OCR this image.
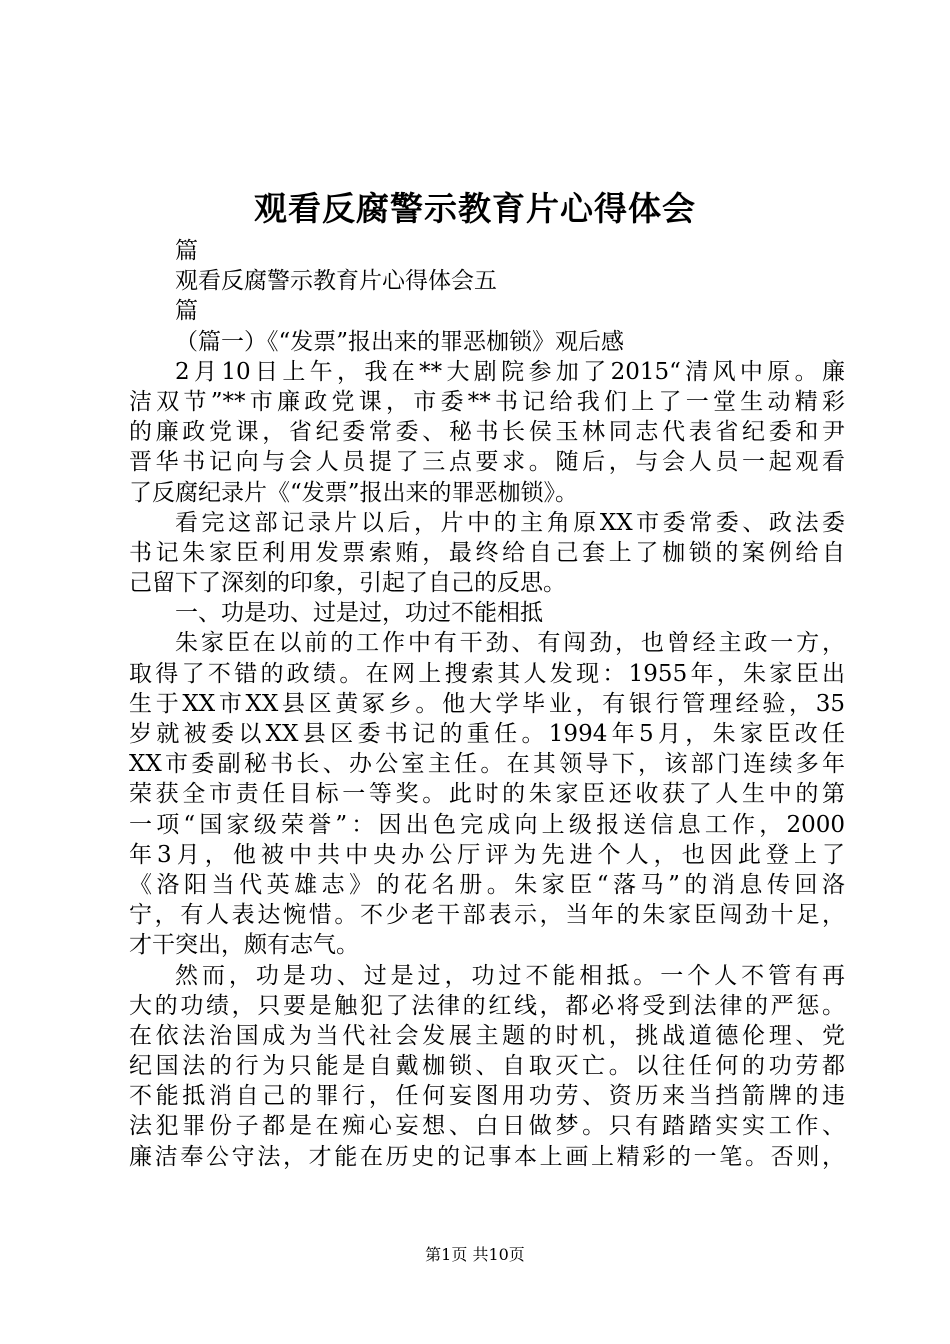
观看反腐警示教育片心得体会
篇
观看反腐警示教育片心得体会五
篇
（篇一）《“发票”报出来的罪恶枷锁》观后感
2月10日上午，我在**大剧院参加了2015“清风中原。廉
洁双节”**市廉政党课，市委**书记给我们上了一堂生动精彩
的廉政党课，省纪委常委、秘书长侯玉林同志代表省纪委和尹
晋华书记向与会人员提了三点要求。随后，与会人员一起观看
了反腐纪录片《“发票”报出来的罪恶枷锁》。
看完这部记录片以后，片中的主角原XX市委常委、政法委
书记朱家臣利用发票索贿，最终给自己套上了枷锁的案例给自
己留下了深刻的印象，引起了自己的反思。
一、功是功、过是过，功过不能相抵
朱家臣在以前的工作中有干劲、有闯劲，也曾经主政一方，
取得了不错的政绩。在网上搜索其人发现：1955年，朱家臣出
生于XX市XX县区黄冢乡。他大学毕业，有银行管理经验，35
岁就被委以XX县区委书记的重任。1994年5月，朱家臣改任
XX市委副秘书长、办公室主任。在其领导下，该部门连续多年
荣获全市责任目标一等奖。此时的朱家臣还收获了人生中的第
一项“国家级荣誉”：因出色完成向上级报送信息工作，2000
年3月，他被中共中央办公厅评为先进个人，也因此登上了
《洛阳当代英雄志》的花名册。朱家臣“落马”的消息传回洛
宁，有人表达惋惜。不少老干部表示，当年的朱家臣闯劲十足，
才干突出，颇有志气。
然而，功是功、过是过，功过不能相抵。一个人不管有再
大的功绩，只要是触犯了法律的红线，都必将受到法律的严惩。
在依法治国成为当代社会发展主题的时机，挑战道德伦理、党
纪国法的行为只能是自戴枷锁、自取灭亡。以往任何的功劳都
不能抵消自己的罪行，任何妄图用功劳、资历来当挡箭牌的违
法犯罪份子都是在痴心妄想、白日做梦。只有踏踏实实工作、
廉洁奉公守法，才能在历史的记事本上画上精彩的一笔。否则，
第1页 共10页
